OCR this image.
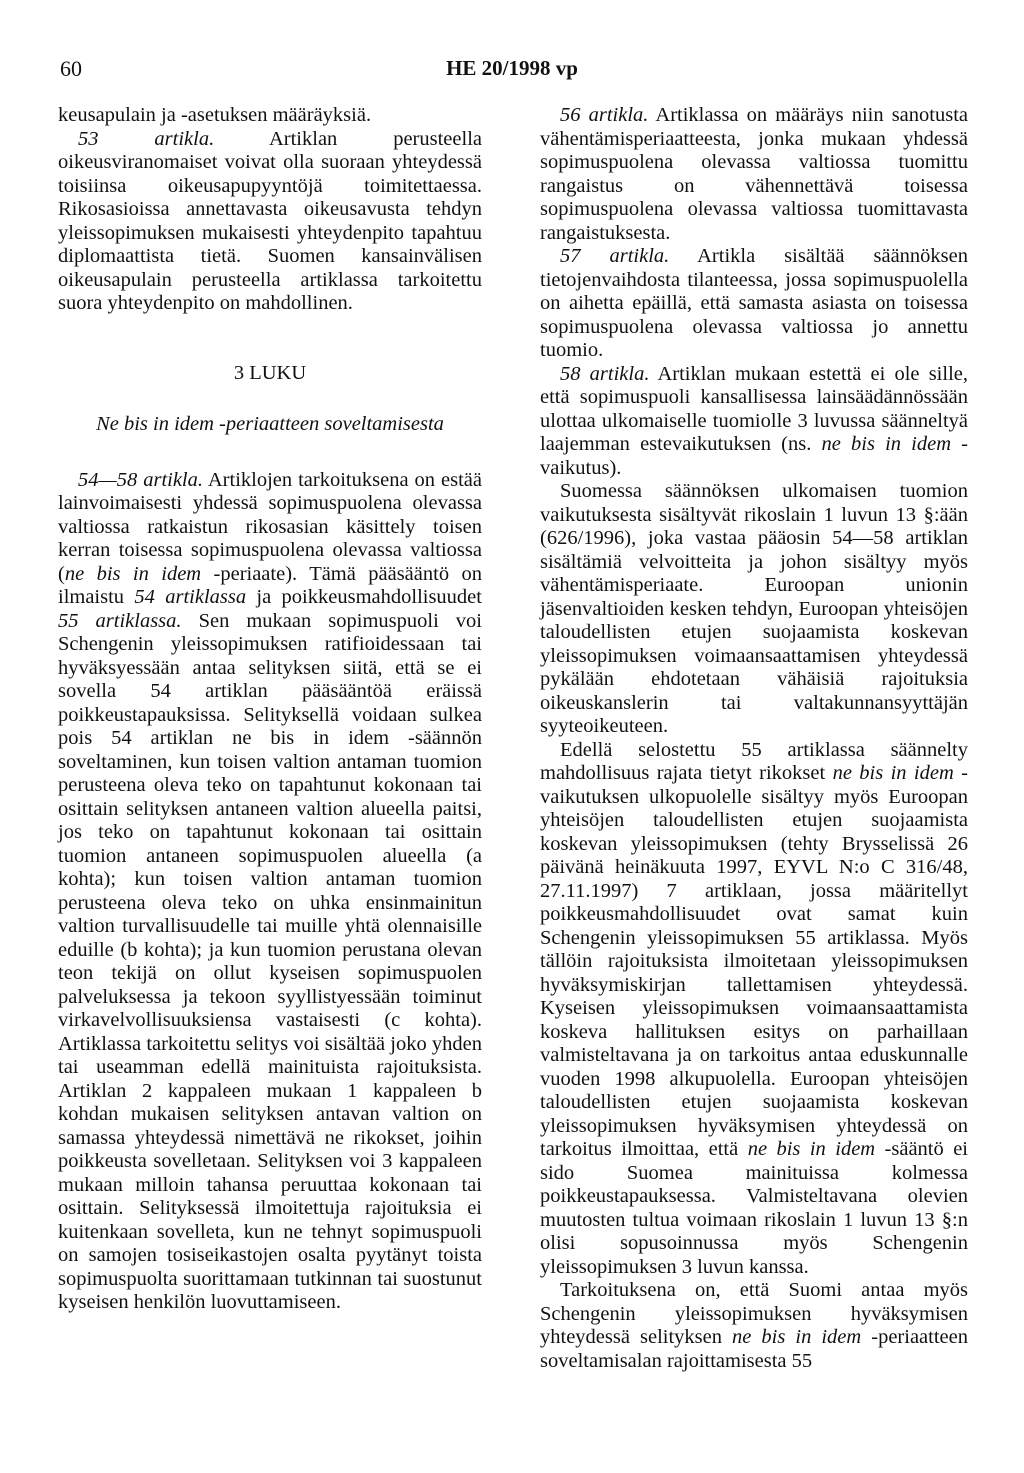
60	HE 20/1998 vp

keusapulain ja -asetuksen määräyksiä.

53 artikla. Artiklan perusteella oikeusviranomaiset voivat olla suoraan yhteydessä toisiinsa oikeusapupyyntöjä toimitettaessa. Rikosasioissa annettavasta oikeusavusta tehdyn yleissopimuksen mukaisesti yhteydenpito tapahtuu diplomaattista tietä. Suomen kansainvälisen oikeusapulain perusteella artiklassa tarkoitettu suora yhteydenpito on mahdollinen.

3 LUKU

Ne bis in idem -periaatteen soveltamisesta

54—58 artikla. Artiklojen tarkoituksena on estää lainvoimaisesti yhdessä sopimuspuolena olevassa valtiossa ratkaistun rikosasian käsittely toisen kerran toisessa sopimuspuolena olevassa valtiossa (ne bis in idem -periaate). Tämä pääsääntö on ilmaistu 54 artiklassa ja poikkeusmahdollisuudet 55 artiklassa. Sen mukaan sopimuspuoli voi Schengenin yleissopimuksen ratifioidessaan tai hyväksyessään antaa selityksen siitä, että se ei sovella 54 artiklan pääsääntöä eräissä poikkeustapauksissa. Selityksellä voidaan sulkea pois 54 artiklan ne bis in idem -säännön soveltaminen, kun toisen valtion antaman tuomion perusteena oleva teko on tapahtunut kokonaan tai osittain selityksen antaneen valtion alueella paitsi, jos teko on tapahtunut kokonaan tai osittain tuomion antaneen sopimuspuolen alueella (a kohta); kun toisen valtion antaman tuomion perusteena oleva teko on uhka ensinmainitun valtion turvallisuudelle tai muille yhtä olennaisille eduille (b kohta); ja kun tuomion perustana olevan teon tekijä on ollut kyseisen sopimuspuolen palveluksessa ja tekoon syyllistyessään toiminut virkavelvollisuuksiensa vastaisesti (c kohta). Artiklassa tarkoitettu selitys voi sisältää joko yhden tai useamman edellä mainituista rajoituksista. Artiklan 2 kappaleen mukaan 1 kappaleen b kohdan mukaisen selityksen antavan valtion on samassa yhteydessä nimettävä ne rikokset, joihin poikkeusta sovelletaan. Selityksen voi 3 kappaleen mukaan milloin tahansa peruuttaa kokonaan tai osittain. Selityksessä ilmoitettuja rajoituksia ei kuitenkaan sovelleta, kun ne tehnyt sopimuspuoli on samojen tosiseikastojen osalta pyytänyt toista sopimuspuolta suorittamaan tutkinnan tai suostunut kyseisen henkilön luovuttamiseen.

56 artikla. Artiklassa on määräys niin sanotusta vähentämisperiaatteesta, jonka mukaan yhdessä sopimuspuolena olevassa valtiossa tuomittu rangaistus on vähennettävä toisessa sopimuspuolena olevassa valtiossa tuomittavasta rangaistuksesta.

57 artikla. Artikla sisältää säännöksen tietojenvaihdosta tilanteessa, jossa sopimuspuolella on aihetta epäillä, että samasta asiasta on toisessa sopimuspuolena olevassa valtiossa jo annettu tuomio.

58 artikla. Artiklan mukaan estettä ei ole sille, että sopimuspuoli kansallisessa lainsäädännössään ulottaa ulkomaiselle tuomiolle 3 luvussa säänneltyä laajemman estevaikutuksen (ns. ne bis in idem -vaikutus).

Suomessa säännöksen ulkomaisen tuomion vaikutuksesta sisältyvät rikoslain 1 luvun 13 §:ään (626/1996), joka vastaa pääosin 54—58 artiklan sisältämiä velvoitteita ja johon sisältyy myös vähentämisperiaate. Euroopan unionin jäsenvaltioiden kesken tehdyn, Euroopan yhteisöjen taloudellisten etujen suojaamista koskevan yleissopimuksen voimaansaattamisen yhteydessä pykälään ehdotetaan vähäisiä rajoituksia oikeuskanslerin tai valtakunnansyyttäjän syyteoikeuteen.

Edellä selostettu 55 artiklassa säännelty mahdollisuus rajata tietyt rikokset ne bis in idem -vaikutuksen ulkopuolelle sisältyy myös Euroopan yhteisöjen taloudellisten etujen suojaamista koskevan yleissopimuksen (tehty Brysselissä 26 päivänä heinäkuuta 1997, EYVL N:o C 316/48, 27.11.1997) 7 artiklaan, jossa määritellyt poikkeusmahdollisuudet ovat samat kuin Schengenin yleissopimuksen 55 artiklassa. Myös tällöin rajoituksista ilmoitetaan yleissopimuksen hyväksymiskirjan tallettamisen yhteydessä. Kyseisen yleissopimuksen voimaansaattamista koskeva hallituksen esitys on parhaillaan valmisteltavana ja on tarkoitus antaa eduskunnalle vuoden 1998 alkupuolella. Euroopan yhteisöjen taloudellisten etujen suojaamista koskevan yleissopimuksen hyväksymisen yhteydessä on tarkoitus ilmoittaa, että ne bis in idem -sääntö ei sido Suomea mainituissa kolmessa poikkeustapauksessa. Valmisteltavana olevien muutosten tultua voimaan rikoslain 1 luvun 13 §:n olisi sopusoinnussa myös Schengenin yleissopimuksen 3 luvun kanssa.

Tarkoituksena on, että Suomi antaa myös Schengenin yleissopimuksen hyväksymisen yhteydessä selityksen ne bis in idem -periaatteen soveltamisalan rajoittamisesta 55
